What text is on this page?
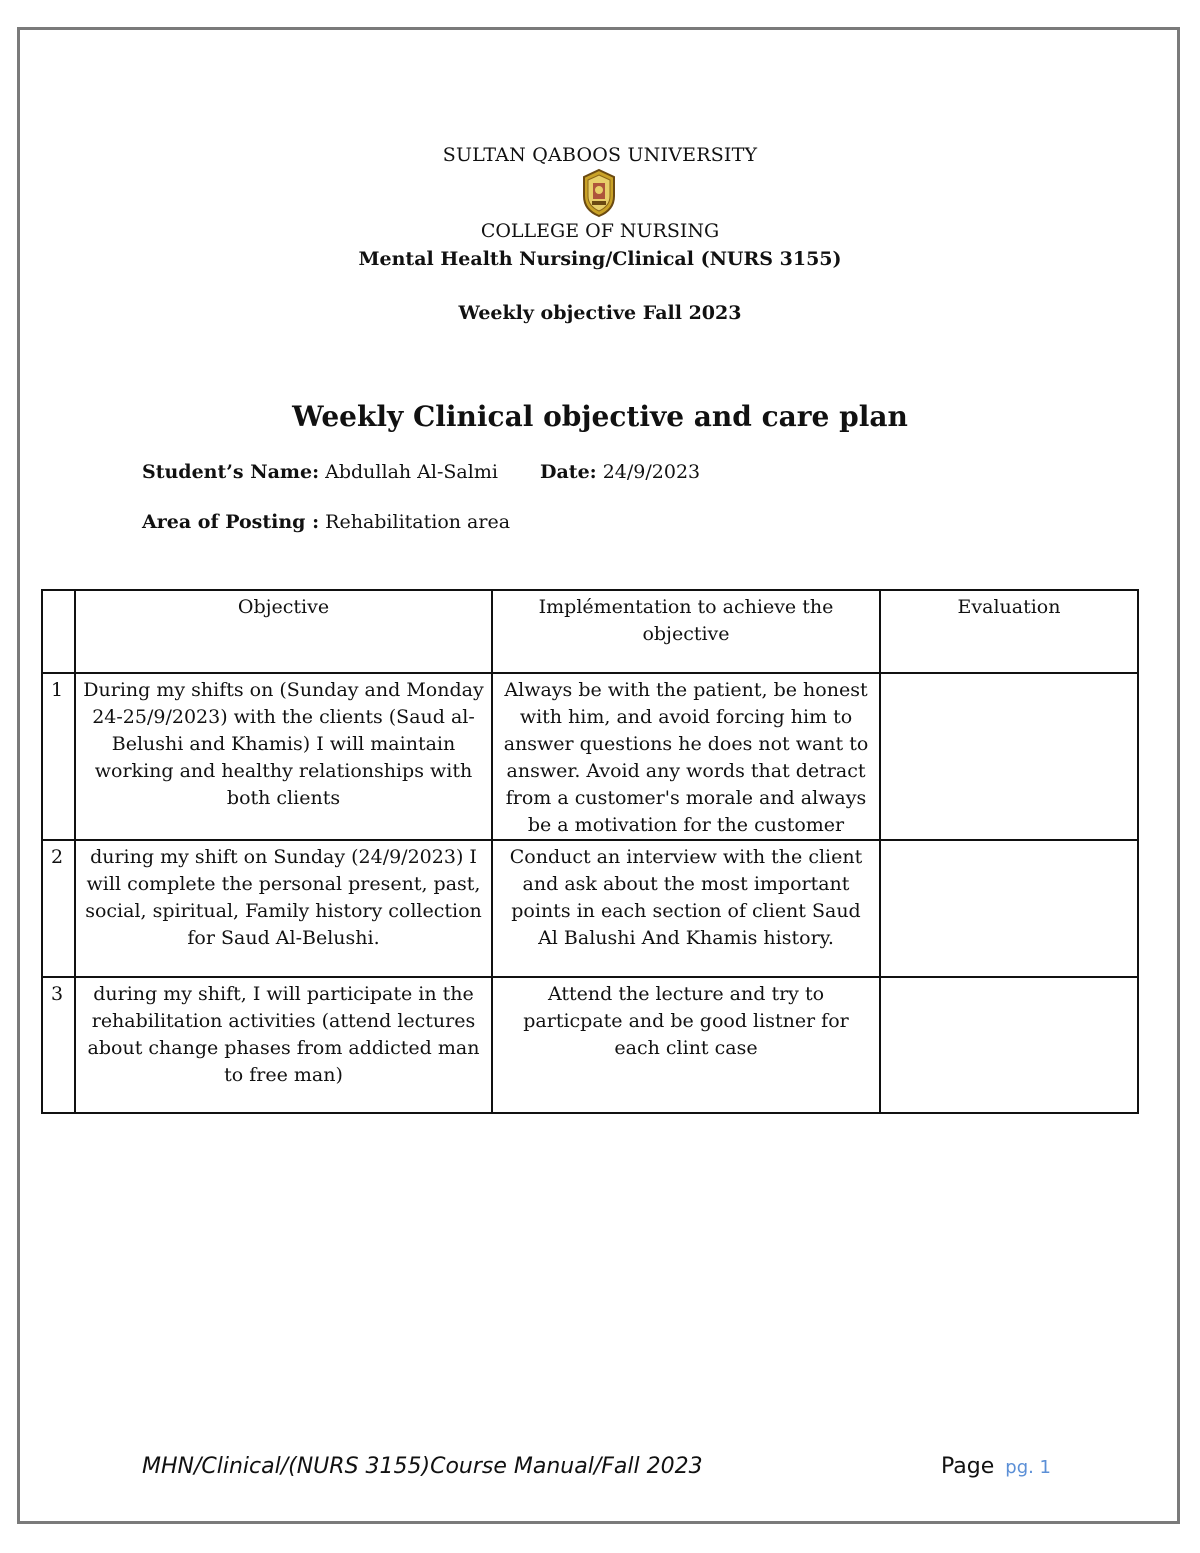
SULTAN QABOOS UNIVERSITY
COLLEGE OF NURSING
Mental Health Nursing/Clinical (NURS 3155)
Weekly objective Fall 2023
Weekly Clinical objective and care plan
Student’s Name: Abdullah Al-Salmi Date: 24/9/2023
Area of Posting : Rehabilitation area
	Objective	Implémentation to achieve the objective	Evaluation
1	During my shifts on (Sunday and Monday 24-25/9/2023) with the clients (Saud al-Belushi and Khamis) I will maintain working and healthy relationships with both clients	Always be with the patient, be honest with him, and avoid forcing him to answer questions he does not want to answer. Avoid any words that detract from a customer's morale and always be a motivation for the customer	
2	during my shift on Sunday (24/9/2023) I will complete the personal present, past, social, spiritual, Family history collection for Saud Al-Belushi.	Conduct an interview with the client and ask about the most important points in each section of client Saud Al Balushi And Khamis history.	
3	during my shift, I will participate in the rehabilitation activities (attend lectures about change phases from addicted man to free man)	Attend the lecture and try to particpate and be good listner for each clint case	
MHN/Clinical/(NURS 3155)Course Manual/Fall 2023	Page pg. 1
